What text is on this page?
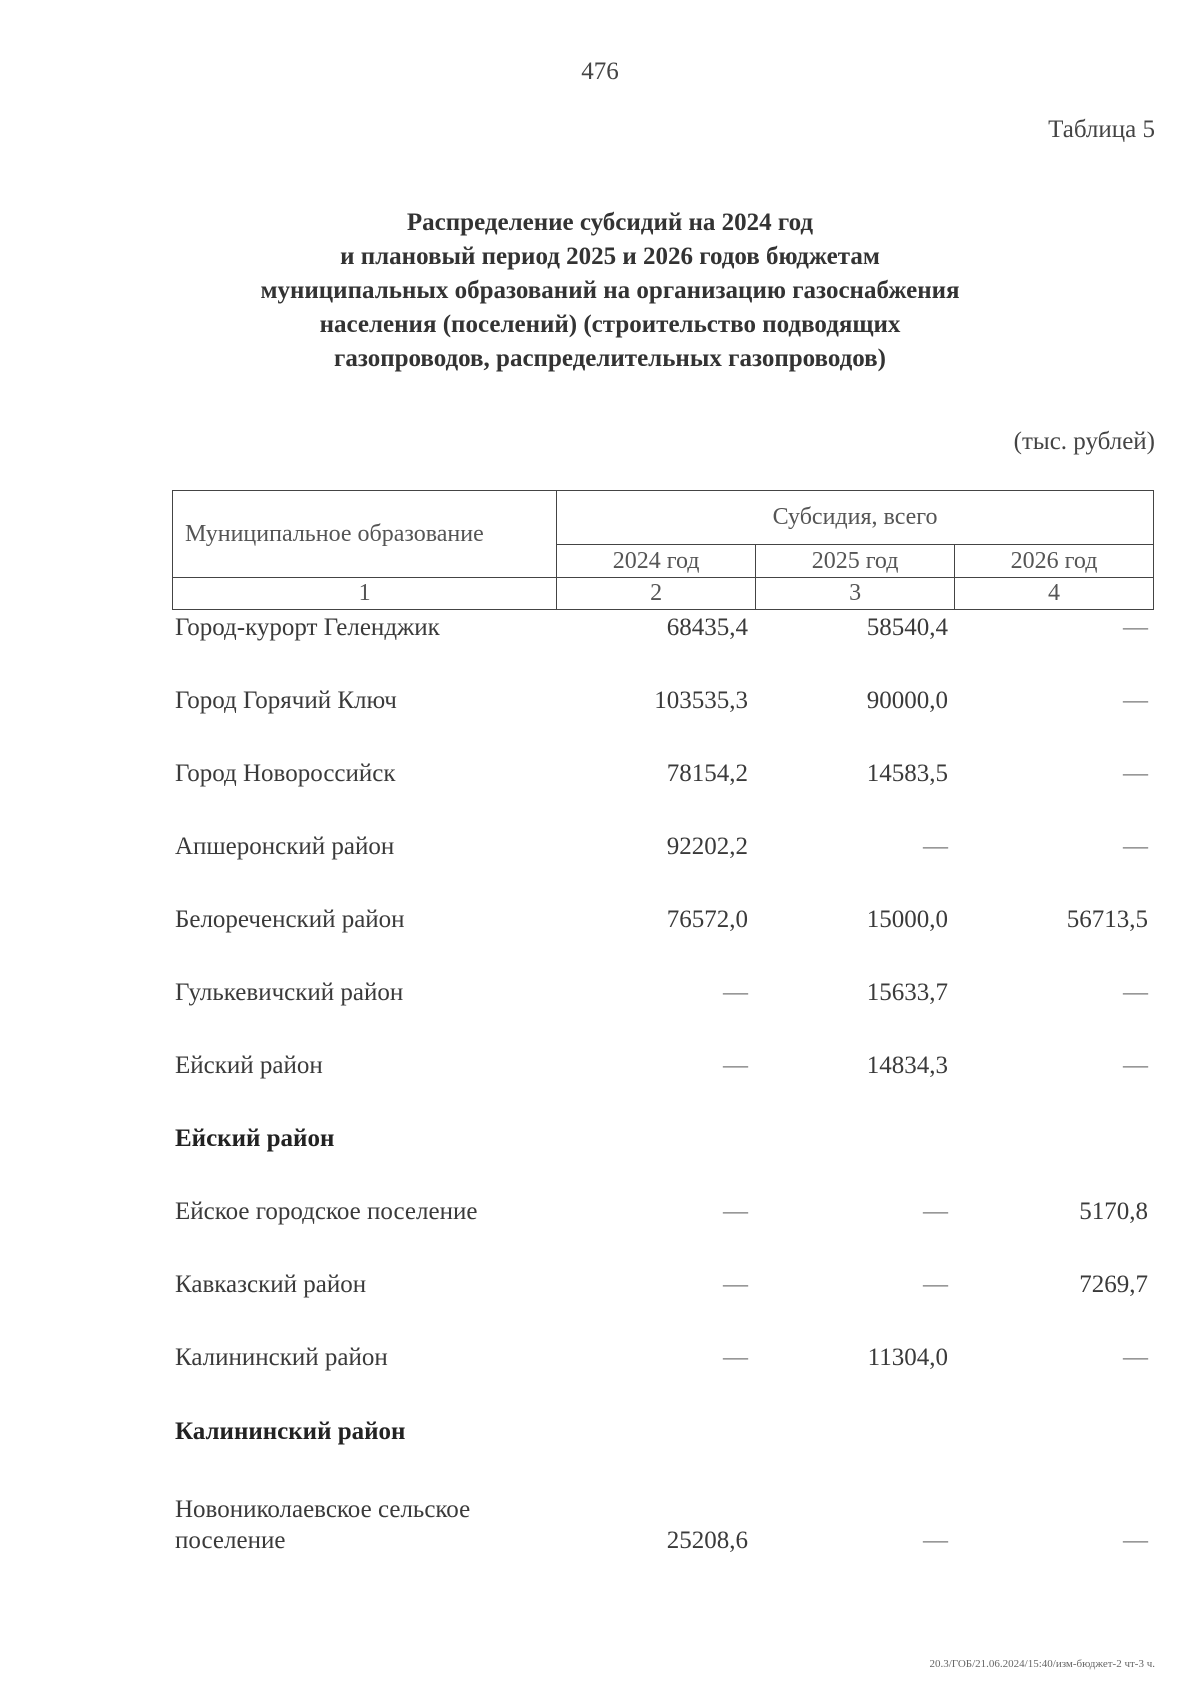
476
Таблица 5
Распределение субсидий на 2024 год
и плановый период 2025 и 2026 годов бюджетам
муниципальных образований на организацию газоснабжения
населения (поселений) (строительство подводящих
газопроводов, распределительных газопроводов)
(тыс. рублей)
Муниципальное образование	Субсидия, всего		
	2024 год	2025 год	2026 год
1	2	3	4
Город-курорт Геленджик	68435,4	58540,4	—
Город Горячий Ключ	103535,3	90000,0	—
Город Новороссийск	78154,2	14583,5	—
Апшеронский район	92202,2	—	—
Белореченский район	76572,0	15000,0	56713,5
Гулькевичский район	—	15633,7	—
Ейский район	—	14834,3	—
Ейский район
Ейское городское поселение	—	—	5170,8
Кавказский район	—	—	7269,7
Калининский район	—	11304,0	—
Калининский район
Новониколаевское сельское
поселение	25208,6	—	—
20.3/ГОБ/21.06.2024/15:40/изм-бюджет-2 чт-3 ч.
